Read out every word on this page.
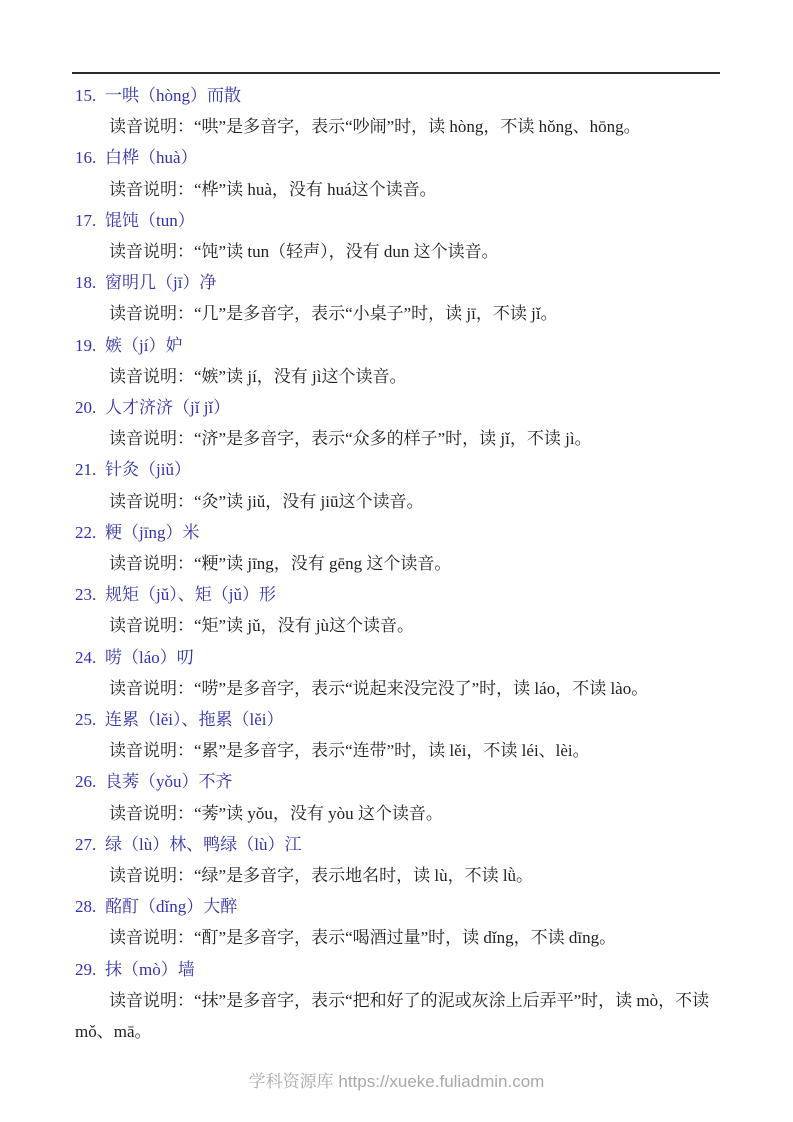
15. 一哄（hòng）而散
读音说明：“哄”是多音字，表示“吵闹”时，读 hòng，不读 hǒng、hōng。
16. 白桦（huà）
读音说明：“桦”读 huà，没有 huá这个读音。
17. 馄饨（tun）
读音说明：“饨”读 tun（轻声），没有 dun 这个读音。
18. 窗明几（jī）净
读音说明：“几”是多音字，表示“小桌子”时，读 jī，不读 jǐ。
19. 嫉（jí）妒
读音说明：“嫉”读 jí，没有 jì这个读音。
20. 人才济济（jǐ jǐ）
读音说明：“济”是多音字，表示“众多的样子”时，读 jǐ，不读 jì。
21. 针灸（jiǔ）
读音说明：“灸”读 jiǔ，没有 jiū这个读音。
22. 粳（jīng）米
读音说明：“粳”读 jīng，没有 gēng 这个读音。
23. 规矩（jǔ）、矩（jǔ）形
读音说明：“矩”读 jǔ，没有 jù这个读音。
24. 唠（láo）叨
读音说明：“唠”是多音字，表示“说起来没完没了”时，读 láo，不读 lào。
25. 连累（lěi）、拖累（lěi）
读音说明：“累”是多音字，表示“连带”时，读 lěi，不读 léi、lèi。
26. 良莠（yǒu）不齐
读音说明：“莠”读 yǒu，没有 yòu 这个读音。
27. 绿（lù）林、鸭绿（lù）江
读音说明：“绿”是多音字，表示地名时，读 lù，不读 lǜ。
28. 酩酊（dǐng）大醉
读音说明：“酊”是多音字，表示“喝酒过量”时，读 dǐng，不读 dīng。
29. 抹（mò）墙
读音说明：“抹”是多音字，表示“把和好了的泥或灰涂上后弄平”时，读 mò，不读 mǒ、mā。
学科资源库 https://xueke.fuliadmin.com
